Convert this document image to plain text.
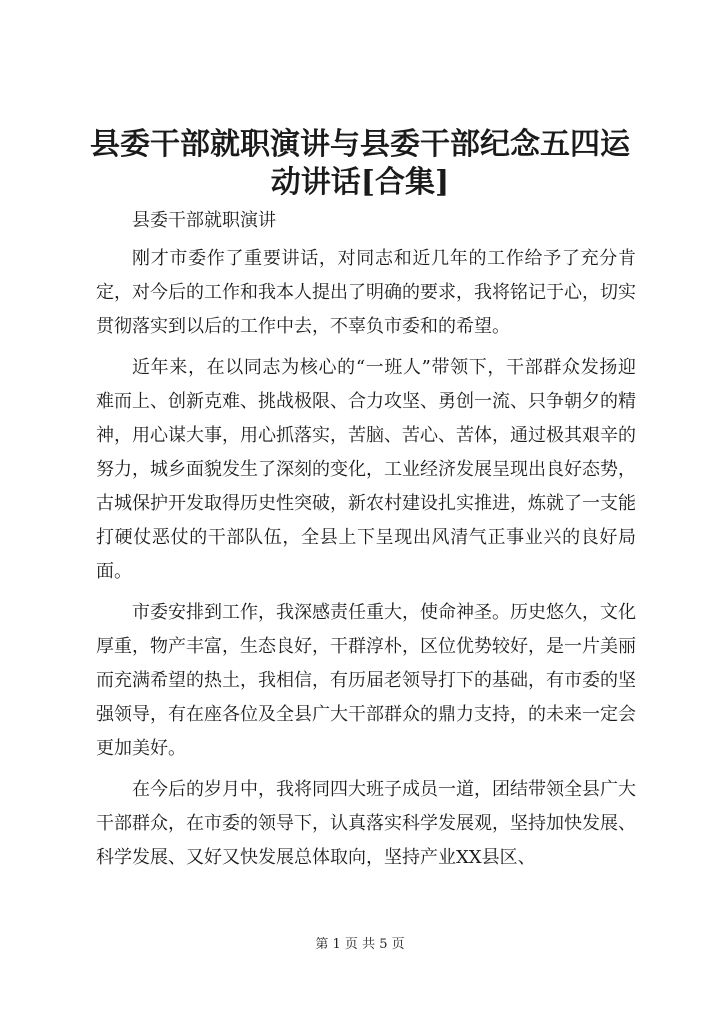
县委干部就职演讲与县委干部纪念五四运动讲话[合集]

县委干部就职演讲

刚才市委作了重要讲话，对同志和近几年的工作给予了充分肯定，对今后的工作和我本人提出了明确的要求，我将铭记于心，切实贯彻落实到以后的工作中去，不辜负市委和的希望。

近年来，在以同志为核心的“一班人”带领下，干部群众发扬迎难而上、创新克难、挑战极限、合力攻坚、勇创一流、只争朝夕的精神，用心谋大事，用心抓落实，苦脑、苦心、苦体，通过极其艰辛的努力，城乡面貌发生了深刻的变化，工业经济发展呈现出良好态势，古城保护开发取得历史性突破，新农村建设扎实推进，炼就了一支能打硬仗恶仗的干部队伍，全县上下呈现出风清气正事业兴的良好局面。

市委安排到工作，我深感责任重大，使命神圣。历史悠久，文化厚重，物产丰富，生态良好，干群淳朴，区位优势较好，是一片美丽而充满希望的热土，我相信，有历届老领导打下的基础，有市委的坚强领导，有在座各位及全县广大干部群众的鼎力支持，的未来一定会更加美好。

在今后的岁月中，我将同四大班子成员一道，团结带领全县广大干部群众，在市委的领导下，认真落实科学发展观，坚持加快发展、科学发展、又好又快发展总体取向，坚持产业XX县区、

第 1 页 共 5 页
